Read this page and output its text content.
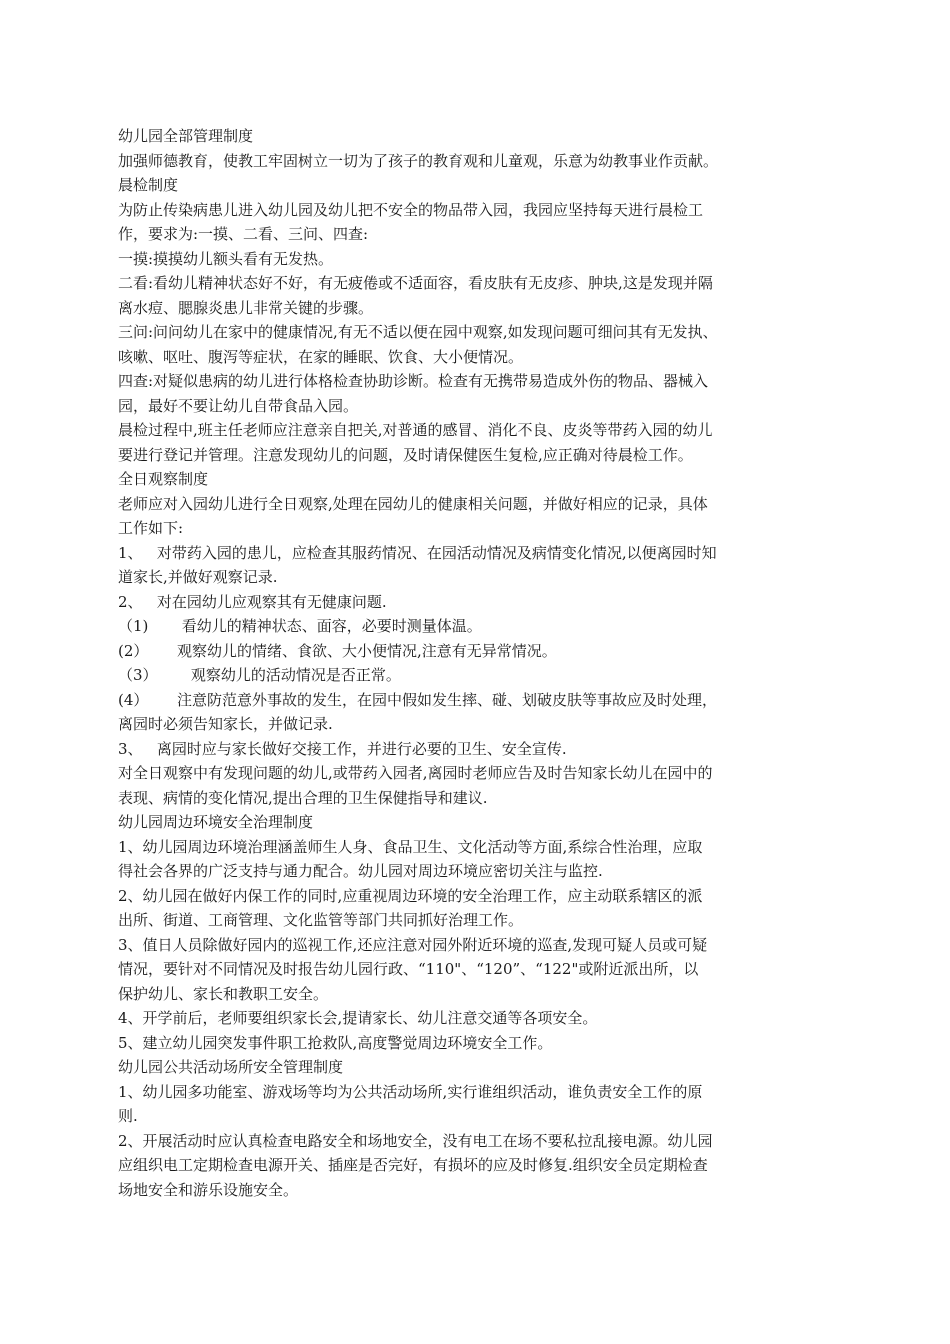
幼儿园全部管理制度
加强师德教育，使教工牢固树立一切为了孩子的教育观和儿童观，乐意为幼教事业作贡献。
晨检制度
为防止传染病患儿进入幼儿园及幼儿把不安全的物品带入园，我园应坚持每天进行晨检工
作，要求为:一摸、二看、三问、四查:
一摸:摸摸幼儿额头看有无发热。
二看:看幼儿精神状态好不好，有无疲倦或不适面容，看皮肤有无皮疹、肿块,这是发现并隔
离水痘、腮腺炎患儿非常关键的步骤。
三问:问问幼儿在家中的健康情况,有无不适以便在园中观察,如发现问题可细问其有无发执、
咳嗽、呕吐、腹泻等症状，在家的睡眠、饮食、大小便情况。
四查:对疑似患病的幼儿进行体格检查协助诊断。检查有无携带易造成外伤的物品、器械入
园，最好不要让幼儿自带食品入园。
晨检过程中,班主任老师应注意亲自把关,对普通的感冒、消化不良、皮炎等带药入园的幼儿
要进行登记并管理。注意发现幼儿的问题，及时请保健医生复检,应正确对待晨检工作。
全日观察制度
老师应对入园幼儿进行全日观察,处理在园幼儿的健康相关问题，并做好相应的记录，具体
工作如下:
1、   对带药入园的患儿，应检查其服药情况、在园活动情况及病情变化情况,以便离园时知
道家长,并做好观察记录.
2、   对在园幼儿应观察其有无健康问题.
（1)       看幼儿的精神状态、面容，必要时测量体温。
(2）      观察幼儿的情绪、食欲、大小便情况,注意有无异常情况。
（3）       观察幼儿的活动情况是否正常。
(4）      注意防范意外事故的发生，在园中假如发生摔、碰、划破皮肤等事故应及时处理，
离园时必须告知家长，并做记录.
3、   离园时应与家长做好交接工作，并进行必要的卫生、安全宣传.
对全日观察中有发现问题的幼儿,或带药入园者,离园时老师应告及时告知家长幼儿在园中的
表现、病情的变化情况,提出合理的卫生保健指导和建议.
幼儿园周边环境安全治理制度
1、幼儿园周边环境治理涵盖师生人身、食品卫生、文化活动等方面,系综合性治理，应取
得社会各界的广泛支持与通力配合。幼儿园对周边环境应密切关注与监控.
2、幼儿园在做好内保工作的同时,应重视周边环境的安全治理工作，应主动联系辖区的派
出所、街道、工商管理、文化监管等部门共同抓好治理工作。
3、值日人员除做好园内的巡视工作,还应注意对园外附近环境的巡查,发现可疑人员或可疑
情况，要针对不同情况及时报告幼儿园行政、“110"、“120”、“122"或附近派出所，以
保护幼儿、家长和教职工安全。
4、开学前后，老师要组织家长会,提请家长、幼儿注意交通等各项安全。
5、建立幼儿园突发事件职工抢救队,高度警觉周边环境安全工作。
幼儿园公共活动场所安全管理制度
1、幼儿园多功能室、游戏场等均为公共活动场所,实行谁组织活动，谁负责安全工作的原
则.
2、开展活动时应认真检查电路安全和场地安全，没有电工在场不要私拉乱接电源。幼儿园
应组织电工定期检查电源开关、插座是否完好，有损坏的应及时修复.组织安全员定期检查
场地安全和游乐设施安全。
